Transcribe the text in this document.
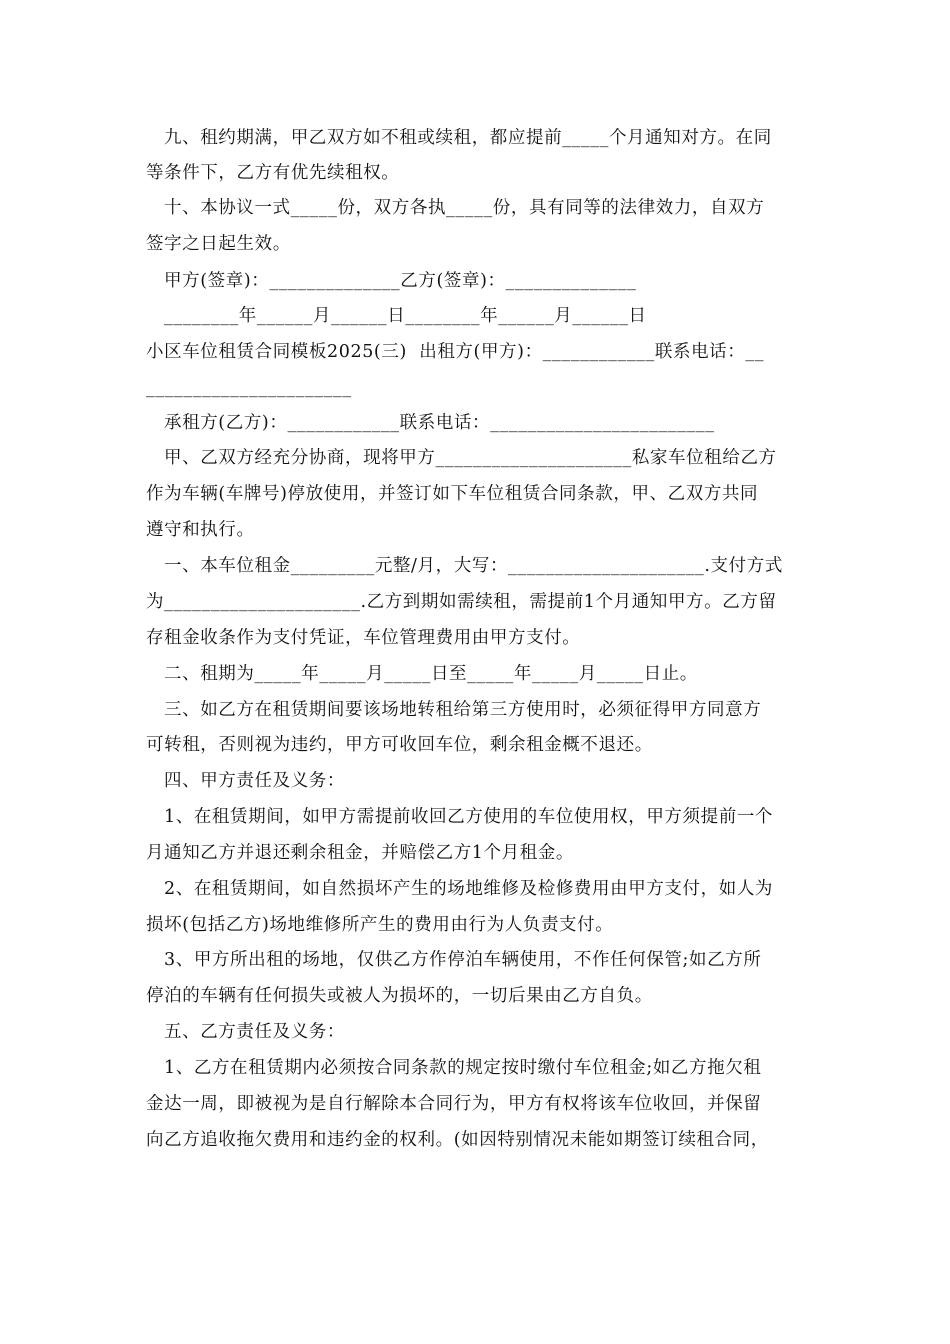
九、租约期满，甲乙双方如不租或续租，都应提前_____个月通知对方。在同
等条件下，乙方有优先续租权。
十、本协议一式_____份，双方各执_____份，具有同等的法律效力，自双方
签字之日起生效。
甲方(签章)：______________乙方(签章)：______________
________年______月______日________年______月______日
小区车位租赁合同模板2025(三)  出租方(甲方)：____________联系电话：__
______________________
承租方(乙方)：____________联系电话：________________________
甲、乙双方经充分协商，现将甲方_____________________私家车位租给乙方
作为车辆(车牌号)停放使用，并签订如下车位租赁合同条款，甲、乙双方共同
遵守和执行。
一、本车位租金_________元整/月，大写：_____________________.支付方式
为_____________________.乙方到期如需续租，需提前1个月通知甲方。乙方留
存租金收条作为支付凭证，车位管理费用由甲方支付。
二、租期为_____年_____月_____日至_____年_____月_____日止。
三、如乙方在租赁期间要该场地转租给第三方使用时，必须征得甲方同意方
可转租，否则视为违约，甲方可收回车位，剩余租金概不退还。
四、甲方责任及义务：
1、在租赁期间，如甲方需提前收回乙方使用的车位使用权，甲方须提前一个
月通知乙方并退还剩余租金，并赔偿乙方1个月租金。
2、在租赁期间，如自然损坏产生的场地维修及检修费用由甲方支付，如人为
损坏(包括乙方)场地维修所产生的费用由行为人负责支付。
3、甲方所出租的场地，仅供乙方作停泊车辆使用，不作任何保管;如乙方所
停泊的车辆有任何损失或被人为损坏的，一切后果由乙方自负。
五、乙方责任及义务：
1、乙方在租赁期内必须按合同条款的规定按时缴付车位租金;如乙方拖欠租
金达一周，即被视为是自行解除本合同行为，甲方有权将该车位收回，并保留
向乙方追收拖欠费用和违约金的权利。(如因特别情况未能如期签订续租合同，
